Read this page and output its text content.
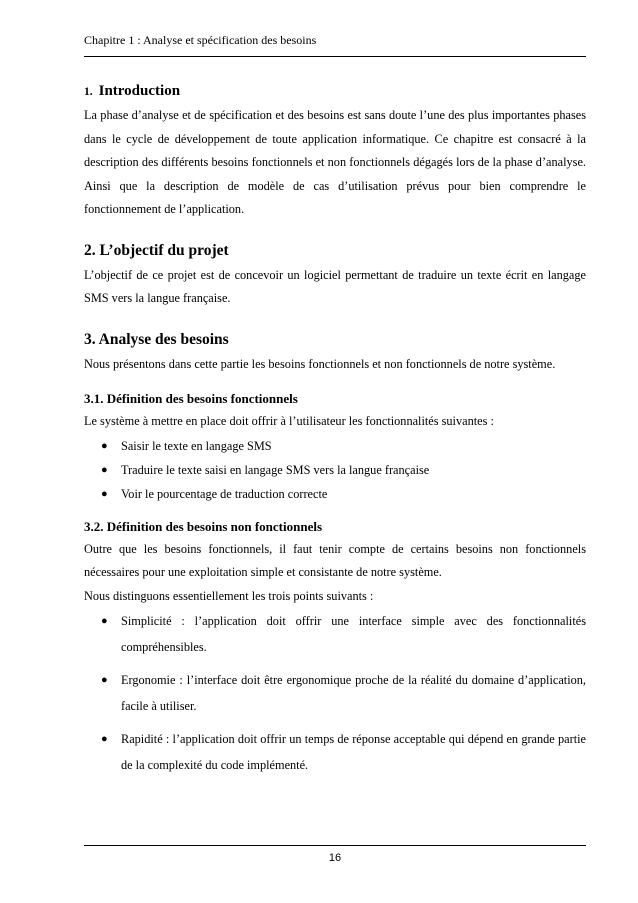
Chapitre 1 : Analyse et spécification des besoins
1. Introduction

La phase d’analyse et de spécification et des besoins est sans doute l’une des plus importantes phases dans le cycle de développement de toute application informatique. Ce chapitre est consacré à la description des différents besoins fonctionnels et non fonctionnels dégagés lors de la phase d’analyse. Ainsi que la description de modèle de cas d’utilisation prévus pour bien comprendre le fonctionnement de l’application.

2. L’objectif du projet

L’objectif de ce projet est de concevoir un logiciel permettant de traduire un texte écrit en langage SMS vers la langue française.

3. Analyse des besoins

Nous présentons dans cette partie les besoins fonctionnels et non fonctionnels de notre système.

3.1. Définition des besoins fonctionnels

Le système à mettre en place doit offrir à l’utilisateur les fonctionnalités suivantes :

● Saisir le texte en langage SMS
● Traduire le texte saisi en langage SMS vers la langue française
● Voir le pourcentage de traduction correcte
3.2. Définition des besoins non fonctionnels

Outre que les besoins fonctionnels, il faut tenir compte de certains besoins non fonctionnels nécessaires pour une exploitation simple et consistante de notre système.

Nous distinguons essentiellement les trois points suivants :

● Simplicité : l’application doit offrir une interface simple avec des fonctionnalités compréhensibles.
● Ergonomie : l’interface doit être ergonomique proche de la réalité du domaine d’application, facile à utiliser.
● Rapidité : l’application doit offrir un temps de réponse acceptable qui dépend en grande partie de la complexité du code implémenté.
16
